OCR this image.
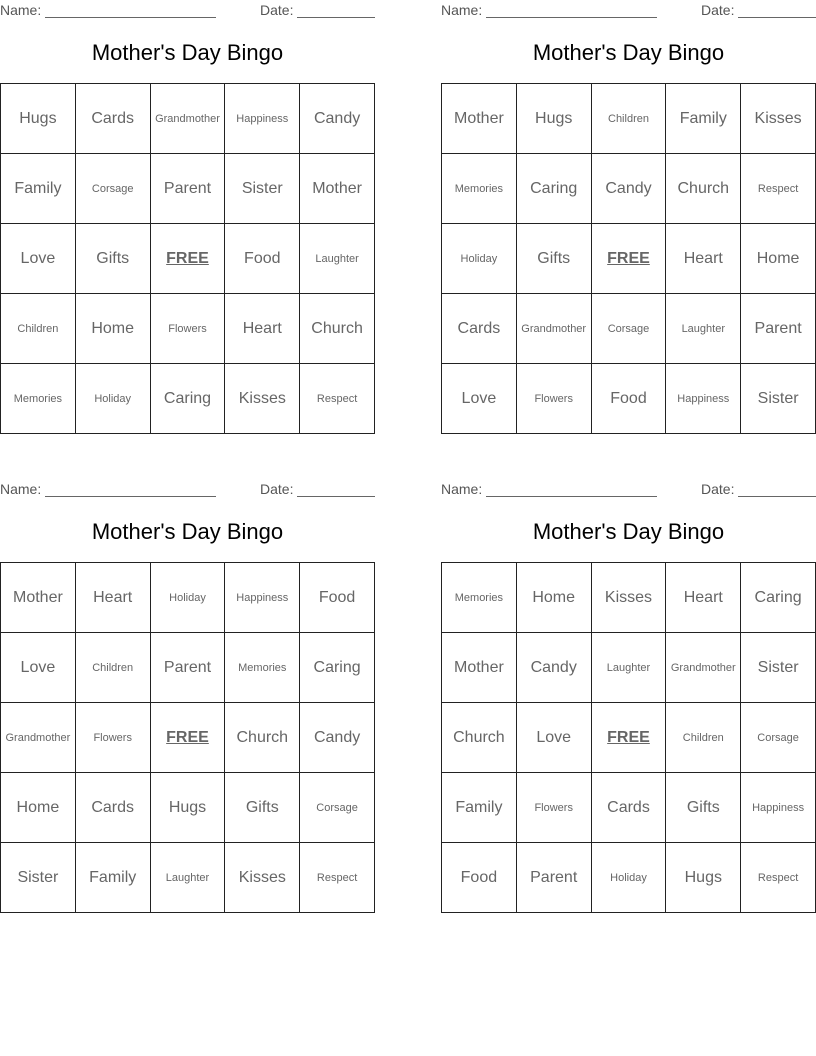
Name:	Date:
Mother's Day Bingo
Hugs	Cards	Grandmother	Happiness	Candy
Family	Corsage	Parent	Sister	Mother
Love	Gifts	FREE	Food	Laughter
Children	Home	Flowers	Heart	Church
Memories	Holiday	Caring	Kisses	Respect
Name:	Date:
Mother's Day Bingo
Mother	Hugs	Children	Family	Kisses
Memories	Caring	Candy	Church	Respect
Holiday	Gifts	FREE	Heart	Home
Cards	Grandmother	Corsage	Laughter	Parent
Love	Flowers	Food	Happiness	Sister
Name:	Date:
Mother's Day Bingo
Mother	Heart	Holiday	Happiness	Food
Love	Children	Parent	Memories	Caring
Grandmother	Flowers	FREE	Church	Candy
Home	Cards	Hugs	Gifts	Corsage
Sister	Family	Laughter	Kisses	Respect
Name:	Date:
Mother's Day Bingo
Memories	Home	Kisses	Heart	Caring
Mother	Candy	Laughter	Grandmother	Sister
Church	Love	FREE	Children	Corsage
Family	Flowers	Cards	Gifts	Happiness
Food	Parent	Holiday	Hugs	Respect
